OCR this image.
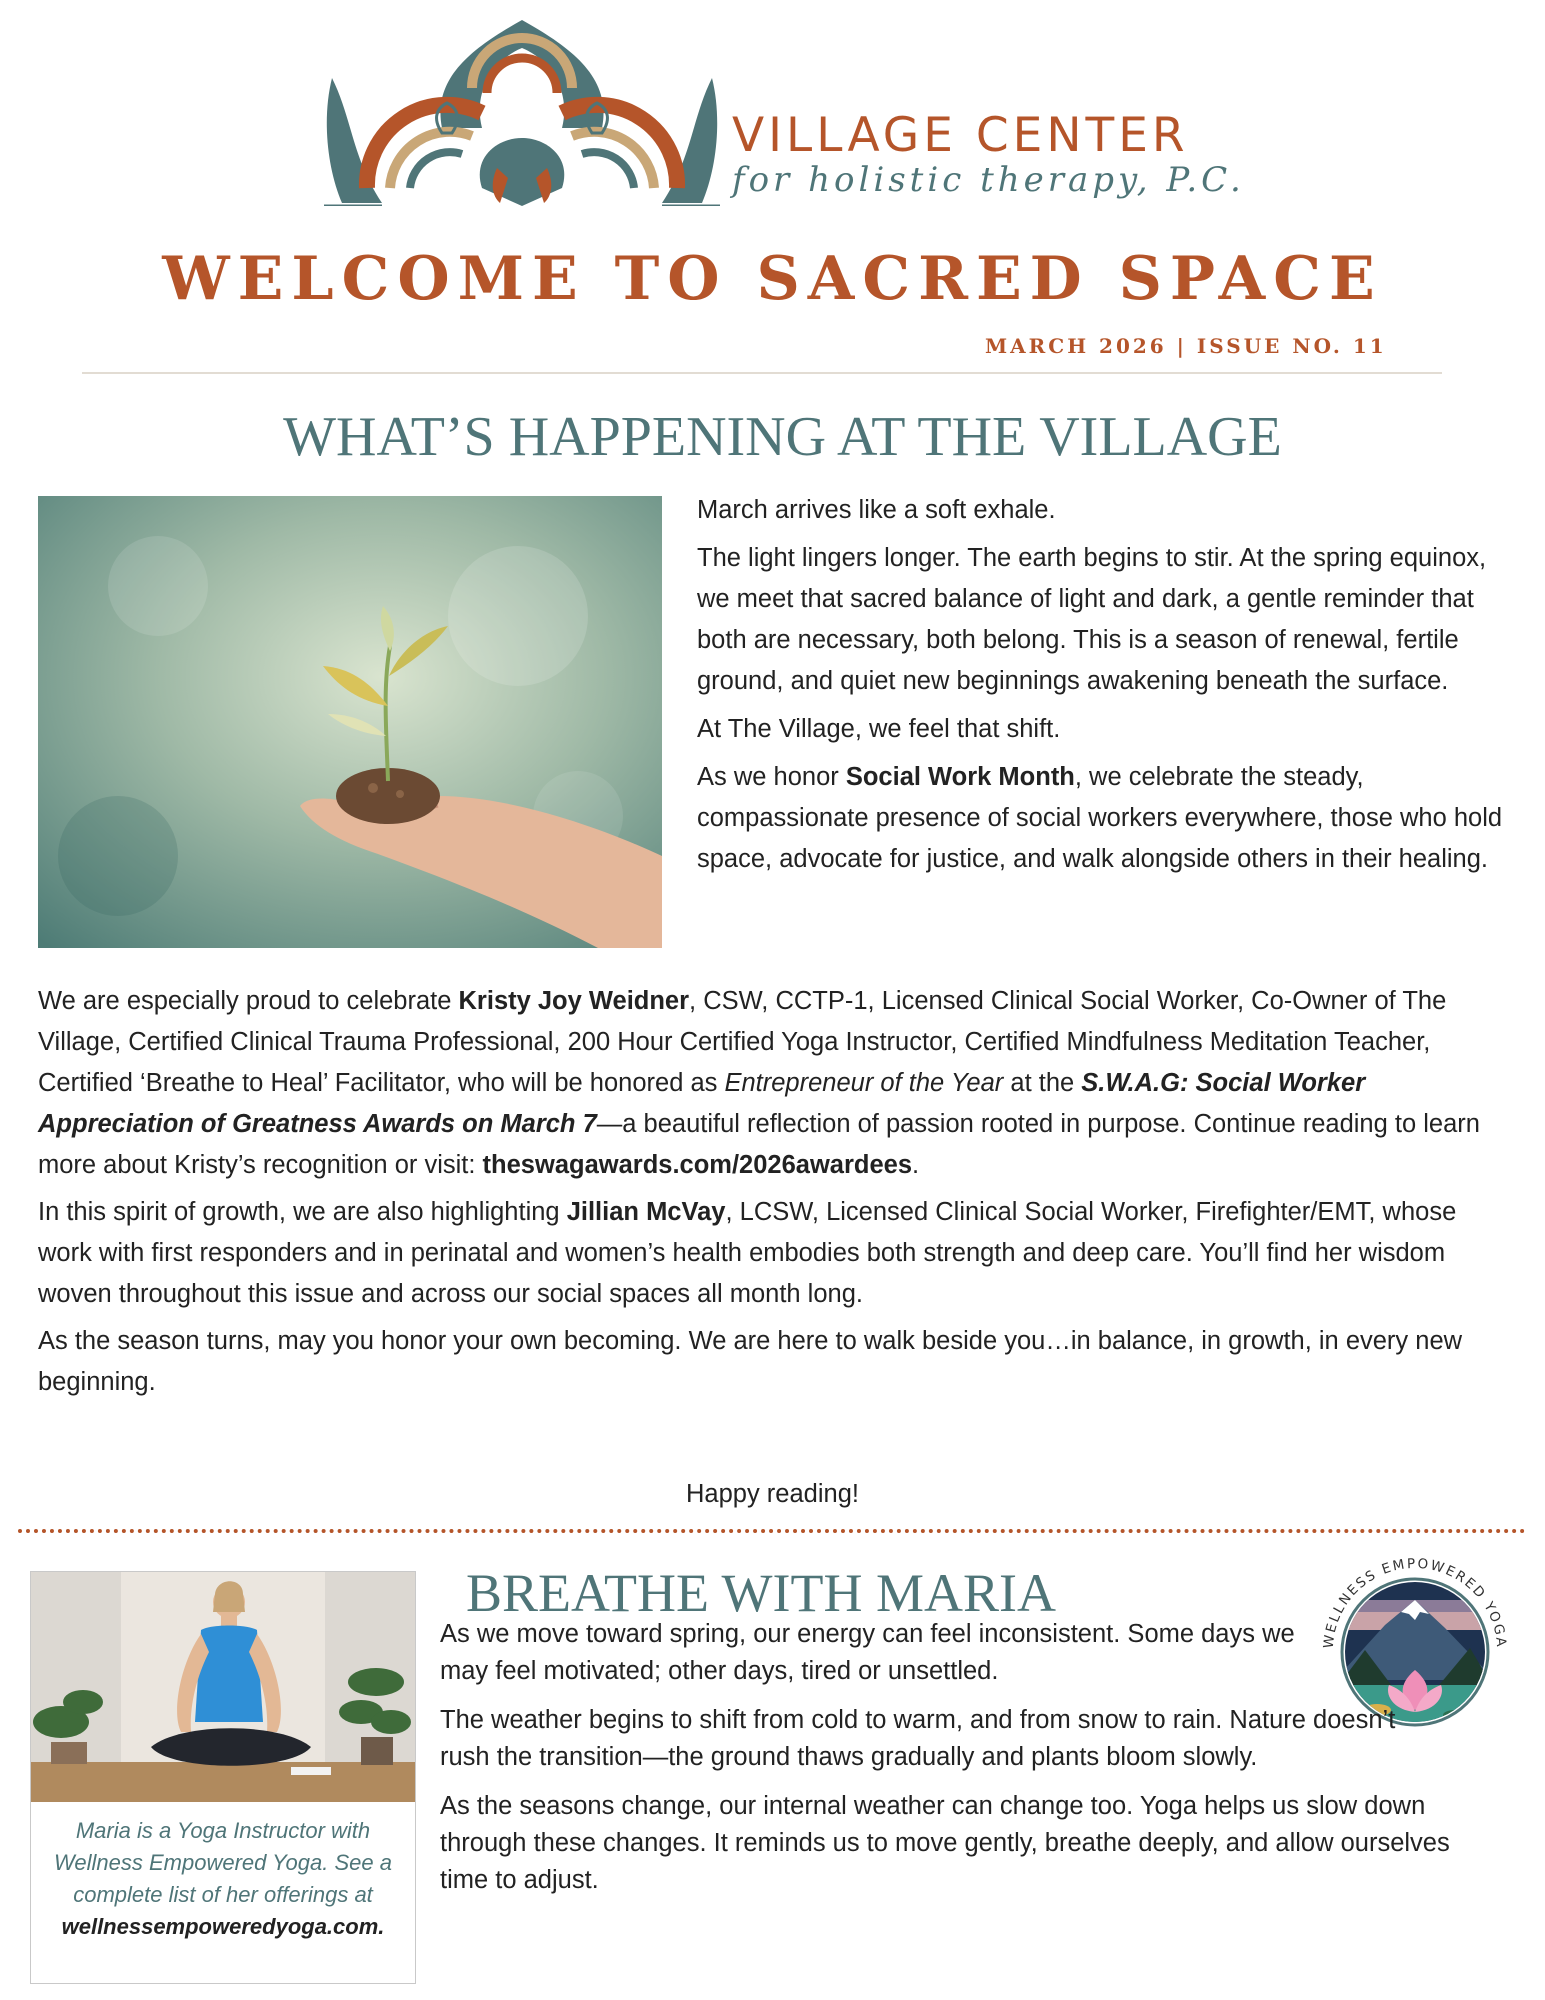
VILLAGE CENTER
for holistic therapy, P.C.
WELCOME TO SACRED SPACE
MARCH 2026 | ISSUE NO. 11
WHAT’S HAPPENING AT THE VILLAGE

March arrives like a soft exhale.

The light lingers longer. The earth begins to stir. At the spring equinox, we meet that sacred balance of light and dark, a gentle reminder that both are necessary, both belong. This is a season of renewal, fertile ground, and quiet new beginnings awakening beneath the surface.

At The Village, we feel that shift.

As we honor Social Work Month, we celebrate the steady, compassionate presence of social workers everywhere, those who hold space, advocate for justice, and walk alongside others in their healing.

We are especially proud to celebrate Kristy Joy Weidner, CSW, CCTP-1, Licensed Clinical Social Worker, Co-Owner of The Village, Certified Clinical Trauma Professional, 200 Hour Certified Yoga Instructor, Certified Mindfulness Meditation Teacher, Certified ‘Breathe to Heal’ Facilitator, who will be honored as Entrepreneur of the Year at the S.W.A.G: Social Worker Appreciation of Greatness Awards on March 7—a beautiful reflection of passion rooted in purpose. Continue reading to learn more about Kristy’s recognition or visit: theswagawards.com/2026awardees.

In this spirit of growth, we are also highlighting Jillian McVay, LCSW, Licensed Clinical Social Worker, Firefighter/EMT, whose work with first responders and in perinatal and women’s health embodies both strength and deep care. You’ll find her wisdom woven throughout this issue and across our social spaces all month long.

As the season turns, may you honor your own becoming. We are here to walk beside you…in balance, in growth, in every new beginning.

Happy reading!
Maria is a Yoga Instructor with Wellness Empowered Yoga. See a complete list of her offerings at
wellnessempoweredyoga.com.
BREATHE WITH MARIA
WELLNESS EMPOWERED YOGA

As we move toward spring, our energy can feel inconsistent. Some days we may feel motivated; other days, tired or unsettled.

The weather begins to shift from cold to warm, and from snow to rain. Nature doesn’t rush the transition—the ground thaws gradually and plants bloom slowly.

As the seasons change, our internal weather can change too. Yoga helps us slow down through these changes. It reminds us to move gently, breathe deeply, and allow ourselves time to adjust.
